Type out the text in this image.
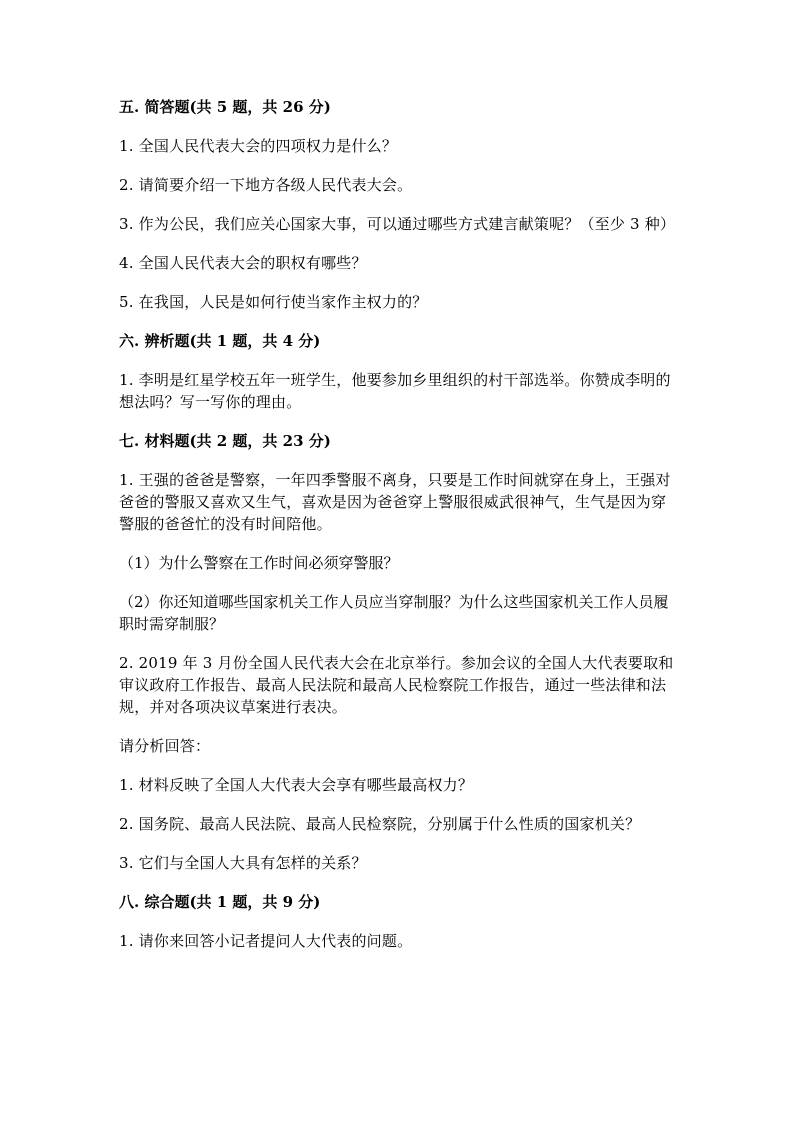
五. 简答题(共 5 题，共 26 分)
1. 全国人民代表大会的四项权力是什么？
2. 请简要介绍一下地方各级人民代表大会。
3. 作为公民，我们应关心国家大事，可以通过哪些方式建言献策呢？（至少 3 种）
4. 全国人民代表大会的职权有哪些？
5. 在我国，人民是如何行使当家作主权力的？
六. 辨析题(共 1 题，共 4 分)
1. 李明是红星学校五年一班学生，他要参加乡里组织的村干部选举。你赞成李明的想法吗？写一写你的理由。
七. 材料题(共 2 题，共 23 分)
1. 王强的爸爸是警察，一年四季警服不离身，只要是工作时间就穿在身上，王强对爸爸的警服又喜欢又生气，喜欢是因为爸爸穿上警服很威武很神气，生气是因为穿警服的爸爸忙的没有时间陪他。
（1）为什么警察在工作时间必须穿警服？
（2）你还知道哪些国家机关工作人员应当穿制服？为什么这些国家机关工作人员履职时需穿制服？
2. 2019 年 3 月份全国人民代表大会在北京举行。参加会议的全国人大代表要取和审议政府工作报告、最高人民法院和最高人民检察院工作报告，通过一些法律和法规，并对各项决议草案进行表决。
请分析回答：
1. 材料反映了全国人大代表大会享有哪些最高权力？
2. 国务院、最高人民法院、最高人民检察院，分别属于什么性质的国家机关？
3. 它们与全国人大具有怎样的关系？
八. 综合题(共 1 题，共 9 分)
1. 请你来回答小记者提问人大代表的问题。
